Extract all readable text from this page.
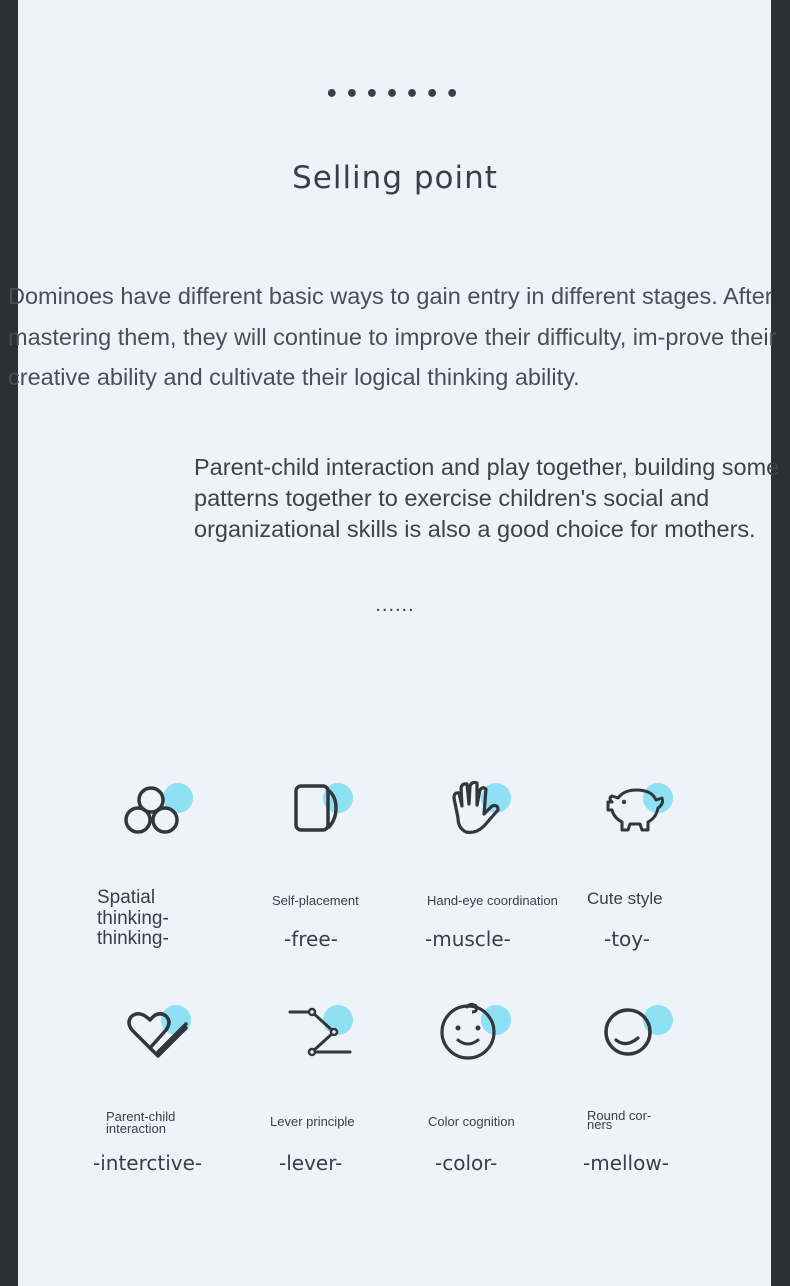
•••••••
Selling point

Dominoes have different basic ways to gain entry in different stages. After mastering them, they will continue to improve their difficulty, im-prove their creative ability and cultivate their logical thinking ability.

Parent-child interaction and play together, building some patterns together to exercise children's social and organizational skills is also a good choice for mothers.

......
Spatial thinking-thinking-
Self-placement
-free-
Hand-eye coordination
-muscle-
Cute style
-toy-
Parent-child interaction
-interctive-
Lever principle
-lever-
Color cognition
-color-
Round cor-ners
-mellow-
